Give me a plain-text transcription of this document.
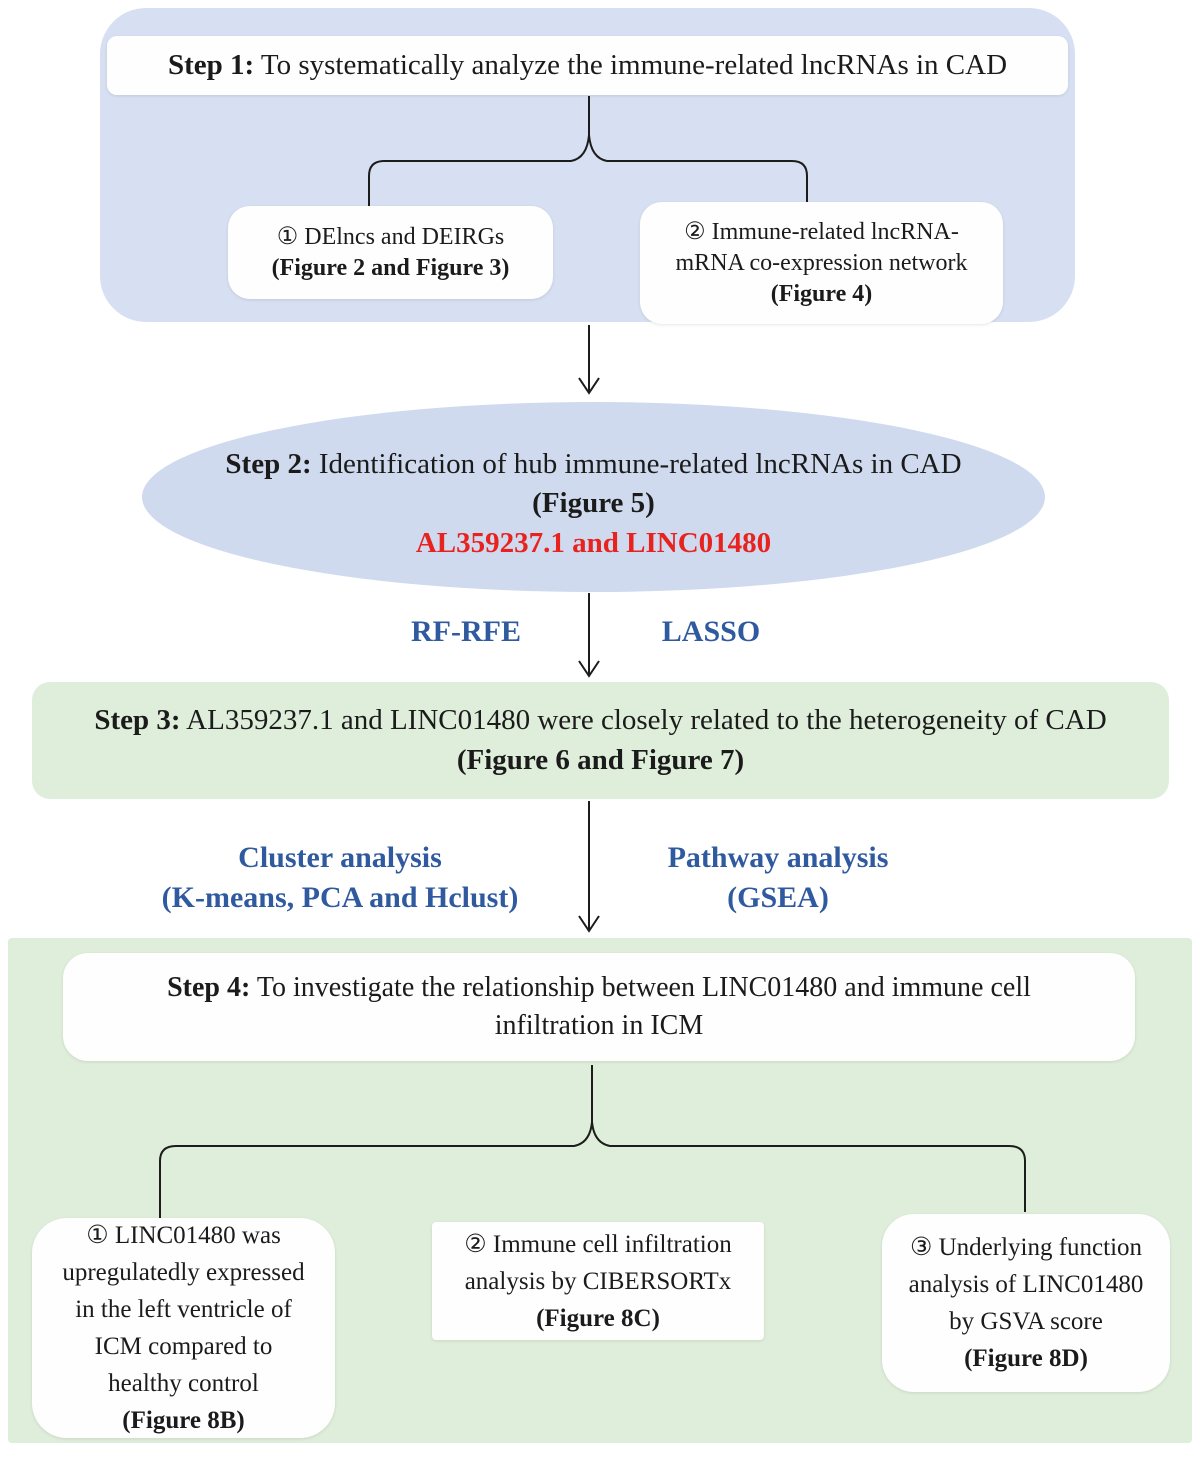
Step 1: To systematically analyze the immune-related lncRNAs in CAD
① DElncs and DEIRGs
(Figure 2 and Figure 3)
② Immune-related lncRNA-
mRNA co-expression network
(Figure 4)
Step 2: Identification of hub immune-related lncRNAs in CAD
(Figure 5)
AL359237.1 and LINC01480
RF-RFE	LASSO
Step 3: AL359237.1 and LINC01480 were closely related to the heterogeneity of CAD
(Figure 6 and Figure 7)
Cluster analysis
(K-means, PCA and Hclust)
Pathway analysis
(GSEA)
Step 4: To investigate the relationship between LINC01480 and immune cell
infiltration in ICM
① LINC01480 was
upregulatedly expressed
in the left ventricle of
ICM compared to
healthy control
(Figure 8B)
② Immune cell infiltration
analysis by CIBERSORTx
(Figure 8C)
③ Underlying function
analysis of LINC01480
by GSVA score
(Figure 8D)
